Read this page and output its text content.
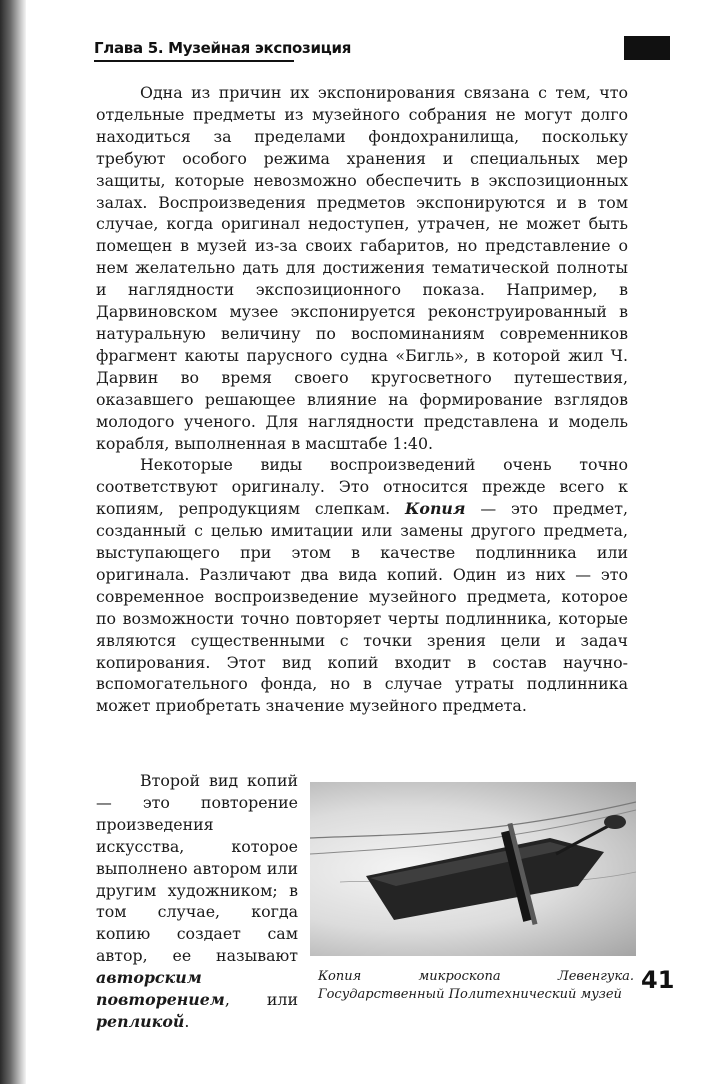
Глава 5. Музейная экспозиция

Одна из причин их экспонирования связана с тем, что отдельные предметы из музейного собрания не могут долго находиться за пределами фондохранилища, поскольку требуют особого режима хранения и специальных мер защиты, которые невозможно обеспечить в экспозиционных залах. Воспроизведения предметов экспонируются и в том случае, когда оригинал недоступен, утрачен, не может быть помещен в музей из-за своих габаритов, но представление о нем желательно дать для достижения тематической полноты и наглядности экспозиционного показа. Например, в Дарвиновском музее экспонируется реконструированный в натуральную величину по воспоминаниям современников фрагмент каюты парусного судна «Бигль», в которой жил Ч. Дарвин во время своего кругосветного путешествия, оказавшего решающее влияние на формирование взглядов молодого ученого. Для наглядности представлена и модель корабля, выполненная в масштабе 1:40.

Некоторые виды воспроизведений очень точно соответствуют оригиналу. Это относится прежде всего к копиям, репродукциям слепкам. Копия — это предмет, созданный с целью имитации или замены другого предмета, выступающего при этом в качестве подлинника или оригинала. Различают два вида копий. Один из них — это современное воспроизведение музейного предмета, которое по возможности точно повторяет черты подлинника, которые являются существенными с точки зрения цели и задач копирования. Этот вид копий входит в состав научно-вспомогательного фонда, но в случае утраты подлинника может приобретать значение музейного предмета.

Второй вид копий — это повторение произведения искусства, которое выполнено автором или другим художником; в том случае, когда копию создает сам автор, ее называют авторским повторением, или репликой.

Копия микроскопа Левенгука. Государственный Политехнический музей
41
